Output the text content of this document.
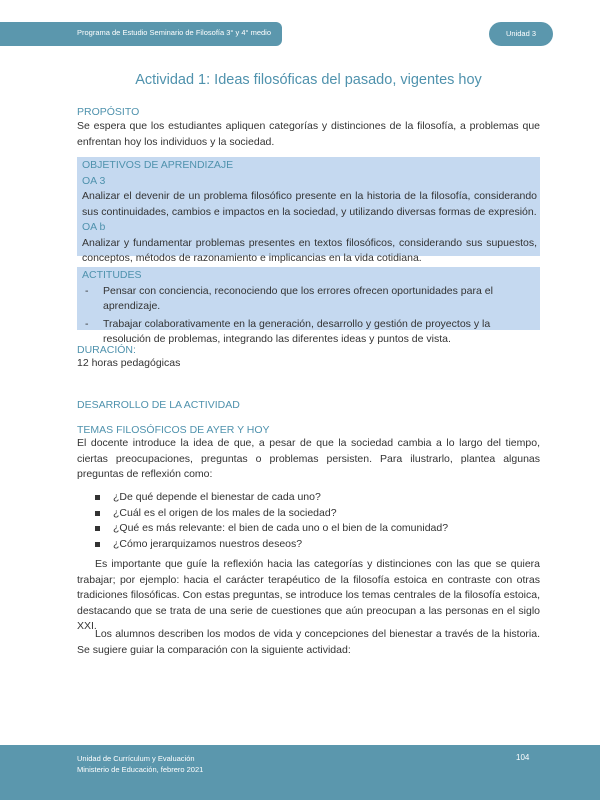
Programa de Estudio Seminario de Filosofía 3° y 4° medio	Unidad 3
Actividad 1: Ideas filosóficas del pasado, vigentes hoy
PROPÓSITO
Se espera que los estudiantes apliquen categorías y distinciones de la filosofía, a problemas que enfrentan hoy los individuos y la sociedad.
OBJETIVOS DE APRENDIZAJE
OA 3
Analizar el devenir de un problema filosófico presente en la historia de la filosofía, considerando sus continuidades, cambios e impactos en la sociedad, y utilizando diversas formas de expresión.
OA b
Analizar y fundamentar problemas presentes en textos filosóficos, considerando sus supuestos, conceptos, métodos de razonamiento e implicancias en la vida cotidiana.
ACTITUDES
- Pensar con conciencia, reconociendo que los errores ofrecen oportunidades para el aprendizaje.
- Trabajar colaborativamente en la generación, desarrollo y gestión de proyectos y la resolución de problemas, integrando las diferentes ideas y puntos de vista.
DURACIÓN:
12 horas pedagógicas
DESARROLLO DE LA ACTIVIDAD
TEMAS FILOSÓFICOS DE AYER Y HOY
El docente introduce la idea de que, a pesar de que la sociedad cambia a lo largo del tiempo, ciertas preocupaciones, preguntas o problemas persisten. Para ilustrarlo, plantea algunas preguntas de reflexión como:
¿De qué depende el bienestar de cada uno?
¿Cuál es el origen de los males de la sociedad?
¿Qué es más relevante: el bien de cada uno o el bien de la comunidad?
¿Cómo jerarquizamos nuestros deseos?
Es importante que guíe la reflexión hacia las categorías y distinciones con las que se quiera trabajar; por ejemplo: hacia el carácter terapéutico de la filosofía estoica en contraste con otras tradiciones filosóficas. Con estas preguntas, se introduce los temas centrales de la filosofía estoica, destacando que se trata de una serie de cuestiones que aún preocupan a las personas en el siglo XXI.
Los alumnos describen los modos de vida y concepciones del bienestar a través de la historia. Se sugiere guiar la comparación con la siguiente actividad:
Unidad de Currículum y Evaluación
Ministerio de Educación, febrero 2021
104
